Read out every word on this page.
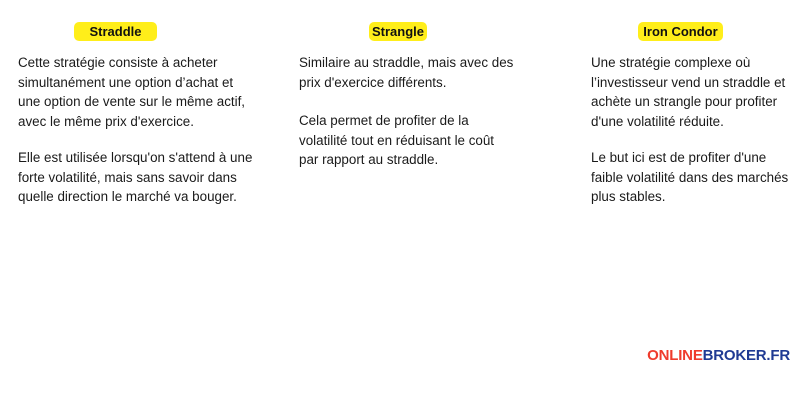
Straddle

Cette stratégie consiste à acheter simultanément une option d’achat et une option de vente sur le même actif, avec le même prix d'exercice.

Elle est utilisée lorsqu'on s'attend à une forte volatilité, mais sans savoir dans quelle direction le marché va bouger.

Strangle

Similaire au straddle, mais avec des prix d'exercice différents.

Cela permet de profiter de la volatilité tout en réduisant le coût par rapport au straddle.

Iron Condor

Une stratégie complexe où l’investisseur vend un straddle et achète un strangle pour profiter d'une volatilité réduite.

Le but ici est de profiter d'une faible volatilité dans des marchés plus stables.

ONLINEBROKER.FR
